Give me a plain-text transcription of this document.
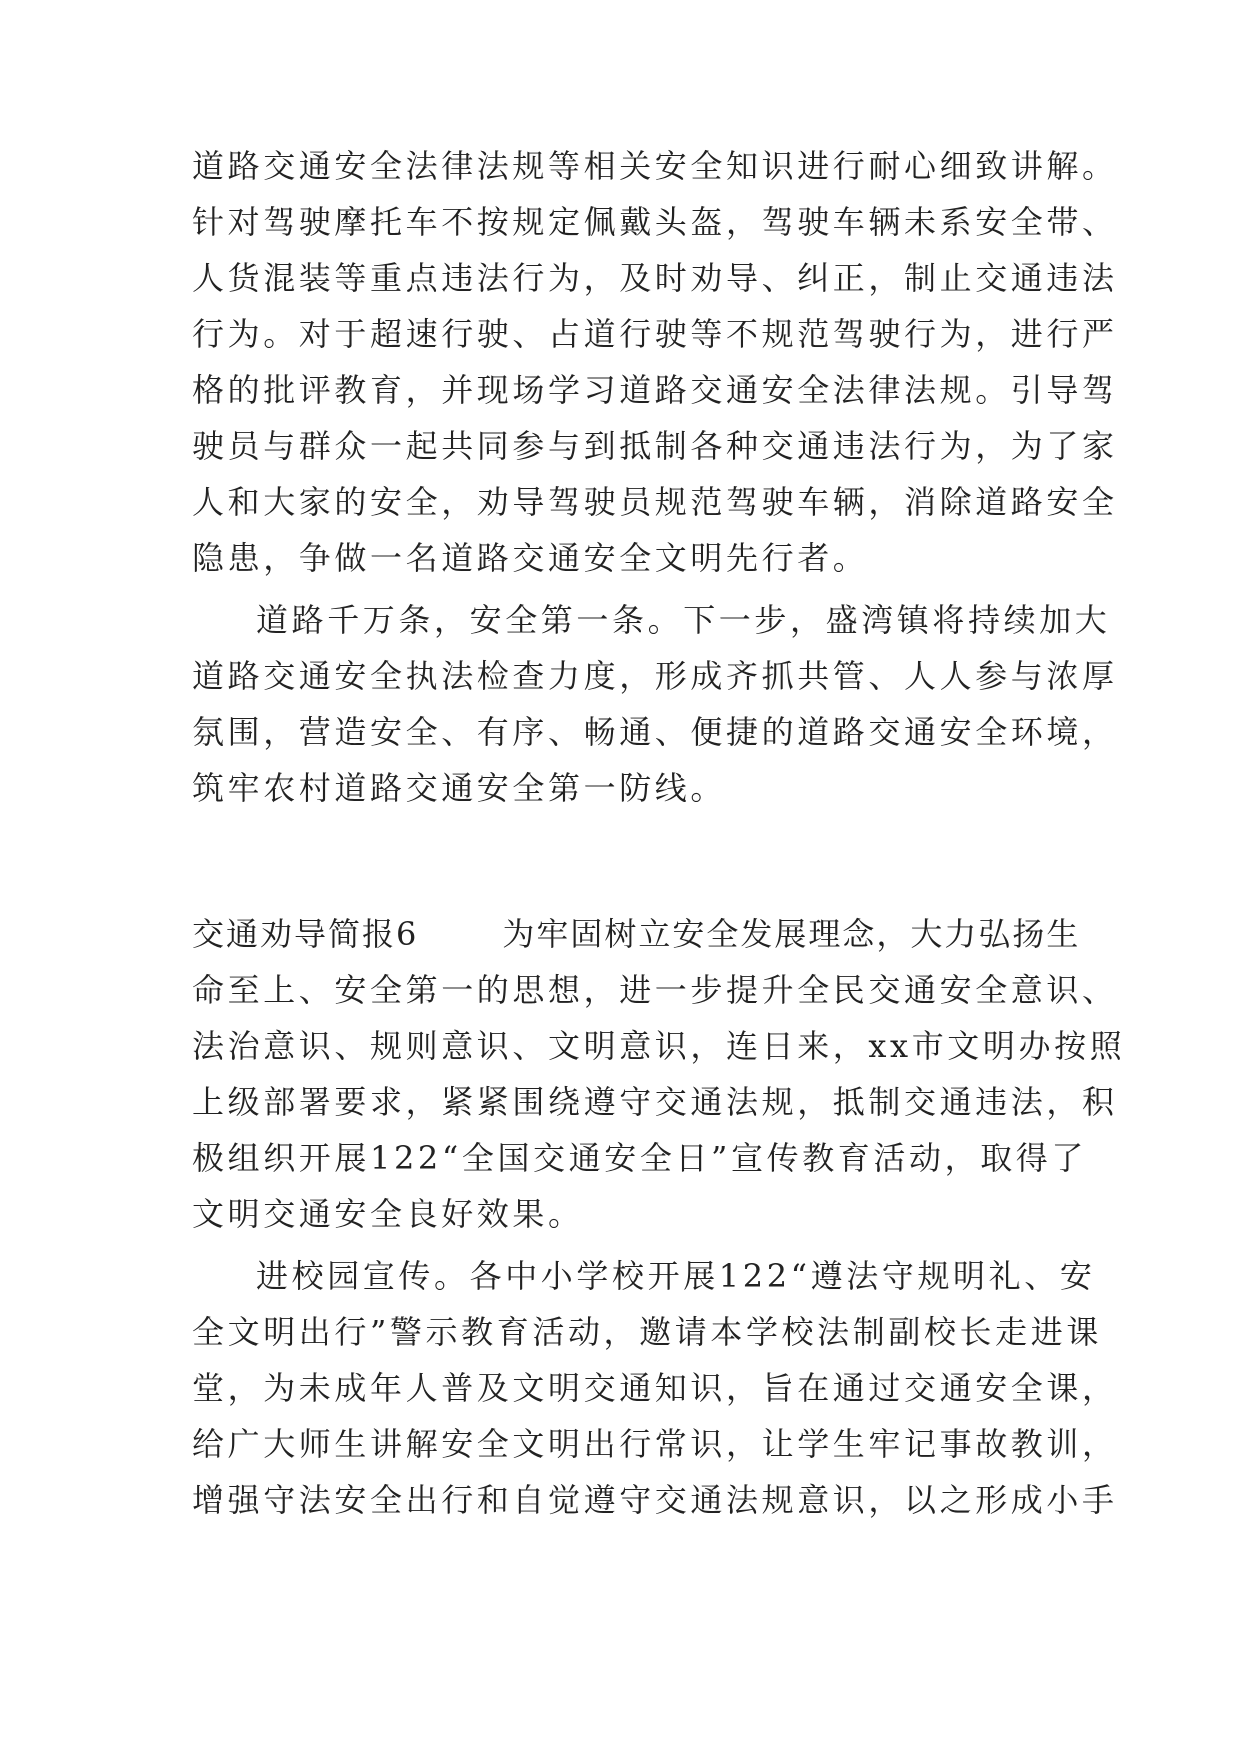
道路交通安全法律法规等相关安全知识进行耐心细致讲解。
针对驾驶摩托车不按规定佩戴头盔，驾驶车辆未系安全带、
人货混装等重点违法行为，及时劝导、纠正，制止交通违法
行为。对于超速行驶、占道行驶等不规范驾驶行为，进行严
格的批评教育，并现场学习道路交通安全法律法规。引导驾
驶员与群众一起共同参与到抵制各种交通违法行为，为了家
人和大家的安全，劝导驾驶员规范驾驶车辆，消除道路安全
隐患，争做一名道路交通安全文明先行者。
道路千万条，安全第一条。下一步，盛湾镇将持续加大
道路交通安全执法检查力度，形成齐抓共管、人人参与浓厚
氛围，营造安全、有序、畅通、便捷的道路交通安全环境，
筑牢农村道路交通安全第一防线。
交通劝导简报6	为牢固树立安全发展理念，大力弘扬生
命至上、安全第一的思想，进一步提升全民交通安全意识、
法治意识、规则意识、文明意识，连日来，xx市文明办按照
上级部署要求，紧紧围绕遵守交通法规，抵制交通违法，积
极组织开展122“全国交通安全日”宣传教育活动，取得了
文明交通安全良好效果。
进校园宣传。各中小学校开展122“遵法守规明礼、安
全文明出行”警示教育活动，邀请本学校法制副校长走进课
堂，为未成年人普及文明交通知识，旨在通过交通安全课，
给广大师生讲解安全文明出行常识，让学生牢记事故教训，
增强守法安全出行和自觉遵守交通法规意识，以之形成小手
